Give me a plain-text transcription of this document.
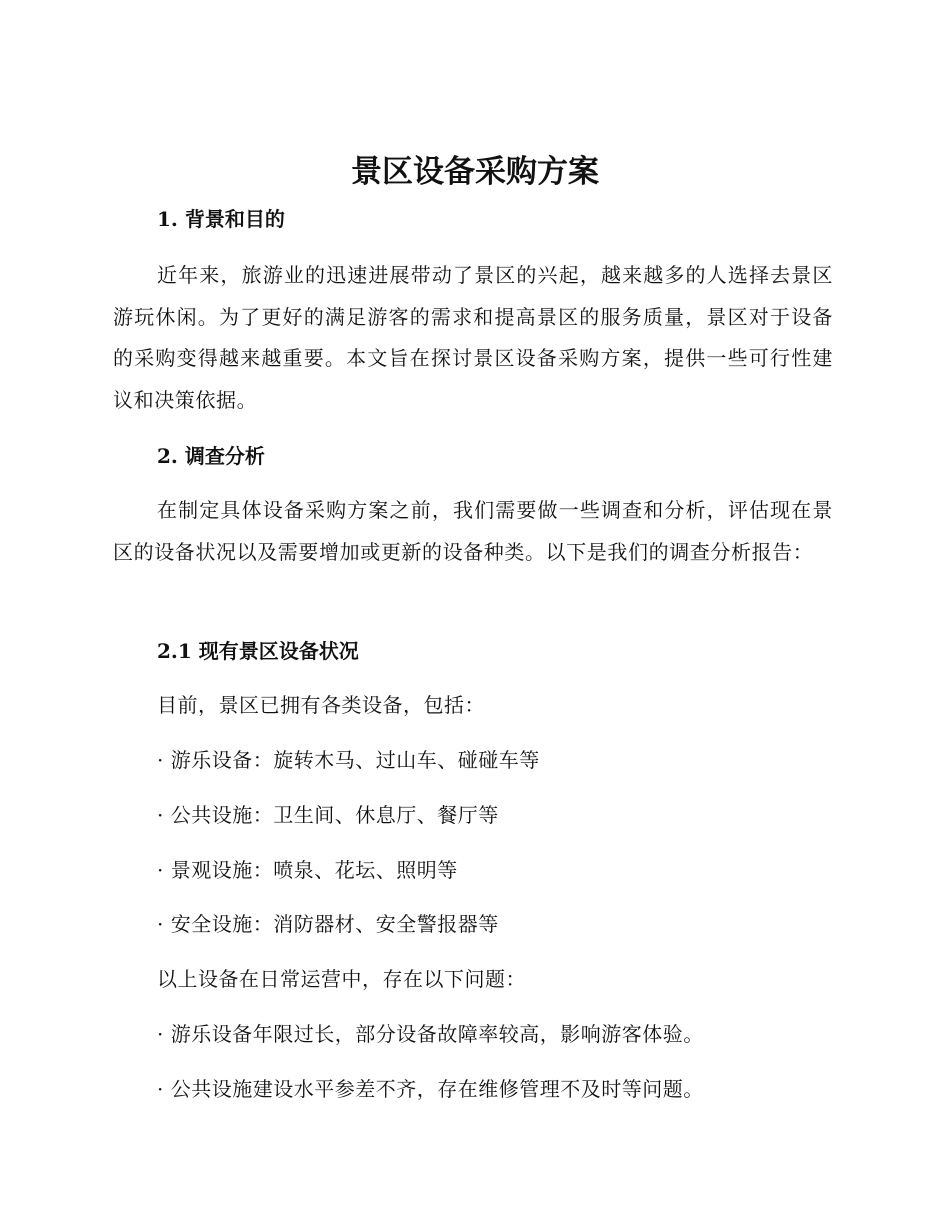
景区设备采购方案
1. 背景和目的

近年来，旅游业的迅速进展带动了景区的兴起，越来越多的人选择去景区游玩休闲。为了更好的满足游客的需求和提高景区的服务质量，景区对于设备的采购变得越来越重要。本文旨在探讨景区设备采购方案，提供一些可行性建议和决策依据。

2. 调查分析

在制定具体设备采购方案之前，我们需要做一些调查和分析，评估现在景区的设备状况以及需要增加或更新的设备种类。以下是我们的调查分析报告：

2.1 现有景区设备状况

目前，景区已拥有各类设备，包括：

· 游乐设备：旋转木马、过山车、碰碰车等

· 公共设施：卫生间、休息厅、餐厅等

· 景观设施：喷泉、花坛、照明等

· 安全设施：消防器材、安全警报器等

以上设备在日常运营中，存在以下问题：

· 游乐设备年限过长，部分设备故障率较高，影响游客体验。

· 公共设施建设水平参差不齐，存在维修管理不及时等问题。
